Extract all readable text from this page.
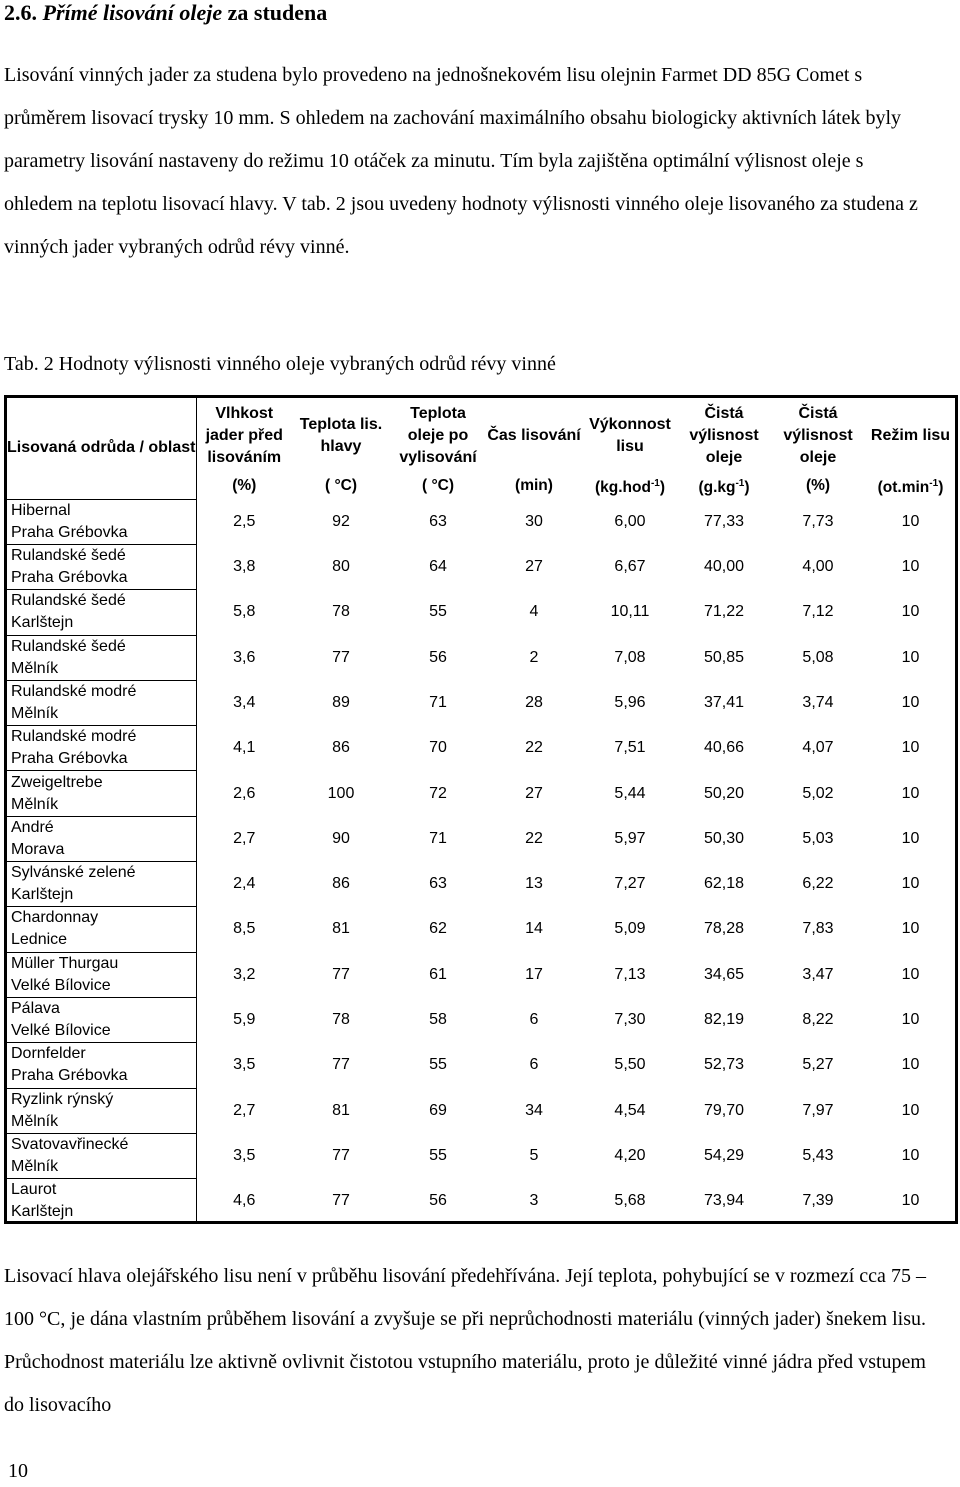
2.6. Přímé lisování oleje za studena

Lisování vinných jader za studena bylo provedeno na jednošnekovém lisu olejnin Farmet DD 85G Comet s průměrem lisovací trysky 10 mm. S ohledem na zachování maximálního obsahu biologicky aktivních látek byly parametry lisování nastaveny do režimu 10 otáček za minutu. Tím byla zajištěna optimální výlisnost oleje s ohledem na teplotu lisovací hlavy. V tab. 2 jsou uvedeny hodnoty výlisnosti vinného oleje lisovaného za studena z vinných jader vybraných odrůd révy vinné.

Tab. 2 Hodnoty výlisnosti vinného oleje vybraných odrůd révy vinné

Lisovaná odrůda / oblast	Vlhkost jader před lisováním	Teplota lis. hlavy	Teplota oleje po vylisování	Čas lisování	Výkonnost lisu	Čistá výlisnost oleje	Čistá výlisnost oleje	Režim lisu
	(%)	( °C)	( °C)	(min)	(kg.hod$^{-1}$)	$(g.kg^{-1})$	(%)	$(ot.\min^{-1})$

Hibernal
Praha Grébovka	2,5	92	63	30	6,00	77,33	7,73	10

Rulandské šedé
Praha Grébovka	3,8	80	64	27	6,67	40,00	4,00	10

Rulandské šedé
Karlštejn	5,8	78	55	4	10,11	71,22	7,12	10

Rulandské šedé
Mělník	3,6	77	56	2	7,08	50,85	5,08	10

Rulandské modré
Mělník	3,4	89	71	28	5,96	37,41	3,74	10

Rulandské modré
Praha Grébovka	4,1	86	70	22	7,51	40,66	4,07	10

Zweigeltrebe
Mělník	2,6	100	72	27	5,44	50,20	5,02	10

André
Morava	2,7	90	71	22	5,97	50,30	5,03	10

Sylvánské zelené
Karlštejn	2,4	86	63	13	7,27	62,18	6,22	10

Chardonnay
Lednice	8,5	81	62	14	5,09	78,28	7,83	10

Müller Thurgau
Velké Bílovice	3,2	77	61	17	7,13	34,65	3,47	10

Pálava
Velké Bílovice	5,9	78	58	6	7,30	82,19	8,22	10

Dornfelder
Praha Grébovka	3,5	77	55	6	5,50	52,73	5,27	10

Ryzlink rýnský
Mělník	2,7	81	69	34	4,54	79,70	7,97	10

Svatovavřinecké
Mělník	3,5	77	55	5	4,20	54,29	5,43	10

Laurot
Karlštejn	4,6	77	56	3	5,68	73,94	7,39	10

Lisovací hlava olejářského lisu není v průběhu lisování předehřívána. Její teplota, pohybující se v rozmezí cca 75 – 100 °C, je dána vlastním průběhem lisování a zvyšuje se při neprůchodnosti materiálu (vinných jader) šnekem lisu. Průchodnost materiálu lze aktivně ovlivnit čistotou vstupního materiálu, proto je důležité vinné jádra před vstupem do lisovacího

10
